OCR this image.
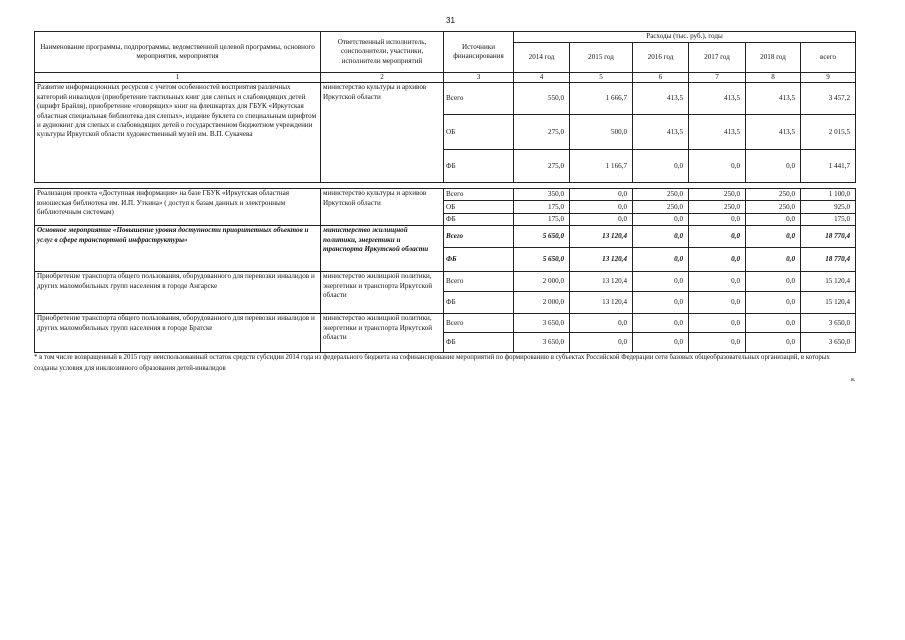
31
Наименование программы, подпрограммы, ведомственной целевой программы, основного мероприятия, мероприятия	Ответственный исполнитель, соисполнители, участники, исполнители мероприятий	Источники финансирования	Расходы (тыс. руб.), годы					
			2014 год	2015 год	2016 год	2017 год	2018 год	всего
1	2	3	4	5	6	7	8	9
Развитие информационных ресурсов с учетом особенностей восприятия различных категорий инвалидов (приобретение тактильных книг для слепых и слабовидящих детей (шрифт Брайля), приобретение «говорящих» книг на флешкартах для ГБУК «Иркутская областная специальная библиотека для слепых», издание буклета со специальным шрифтом и аудиокниг для слепых и слабовидящих детей о государственном бюджетном учреждении культуры Иркутской области художественный музей им. В.П. Сукачева	министерство культуры и архивов Иркутской области	Всего	550,0	1 666,7	413,5	413,5	413,5	3 457,2
		ОБ	275,0	500,0	413,5	413,5	413,5	2 015,5
		ФБ	275,0	1 166,7	0,0	0,0	0,0	1 441,7

Реализация проекта «Доступная информация» на базе ГБУК «Иркутская областная юношеская библиотека им. И.П. Уткина» ( доступ к базам данных и электронным библиотечным системам)	министерство культуры и архивов Иркутской области	Всего	350,0	0,0	250,0	250,0	250,0	1 100,0
		ОБ	175,0	0,0	250,0	250,0	250,0	925,0
		ФБ	175,0	0,0	0,0	0,0	0,0	175,0
Основное мероприятие «Повышение уровня доступности приоритетных объектов и услуг в сфере транспортной инфраструктуры»	министерство жилищной политики, энергетики и транспорта Иркутской области	Всего	5 650,0	13 120,4	0,0	0,0	0,0	18 770,4
		ФБ	5 650,0	13 120,4	0,0	0,0	0,0	18 770,4
Приобретение транспорта общего пользования, оборудованного для перевозки инвалидов и других маломобильных групп населения в городе Ангарске	министерство жилищной политики, энергетики и транспорта Иркутской области	Всего	2 000,0	13 120,4	0,0	0,0	0,0	15 120,4
		ФБ	2 000,0	13 120,4	0,0	0,0	0,0	15 120,4
Приобретение транспорта общего пользования, оборудованного для перевозки инвалидов и других маломобильных групп населения в городе Братске	министерство жилищной политики, энергетики и транспорта Иркутской области	Всего	3 650,0	0,0	0,0	0,0	0,0	3 650,0
		ФБ	3 650,0	0,0	0,0	0,0	0,0	3 650,0
* в том числе возвращенный в 2015 году неиспользованный остаток средств субсидии 2014 года из федерального бюджета на софинансирование мероприятий по формированию в субъектах Российской Федерации сети базовых общеобразовательных организаций, в которых созданы условия для инклюзивного образования детей-инвалидов
я.
